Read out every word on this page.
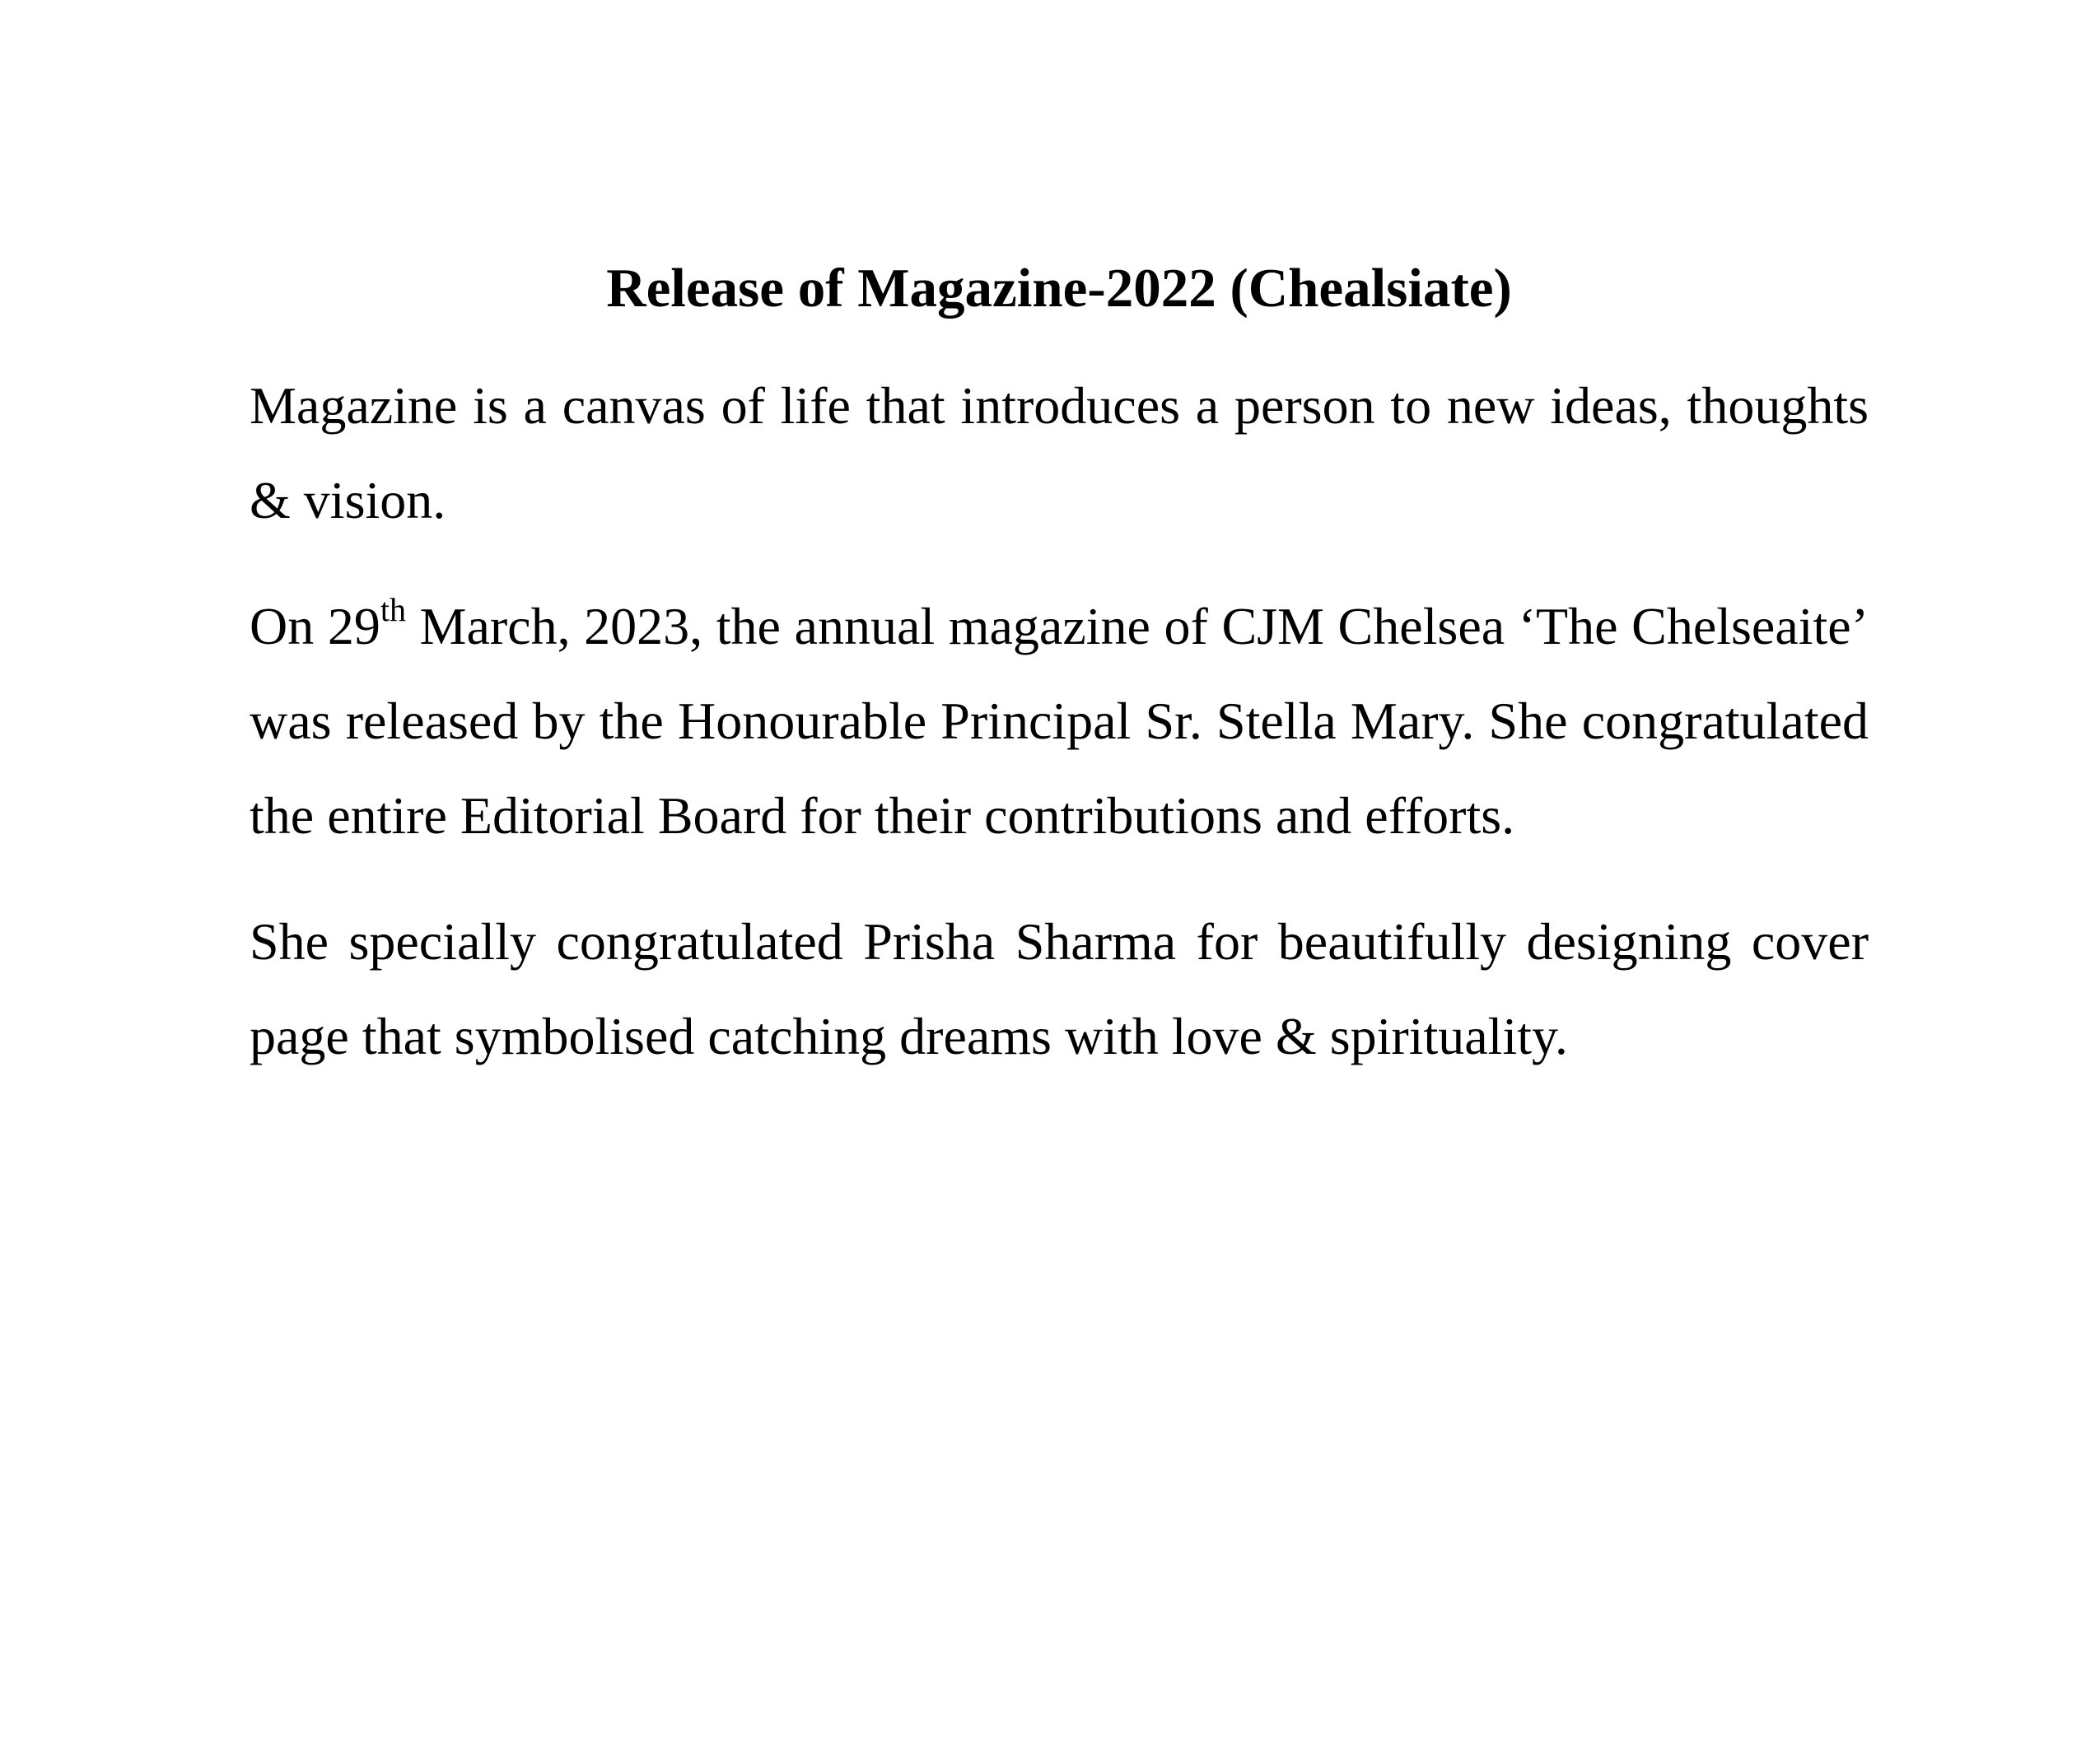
Release of Magazine-2022 (Chealsiate)

Magazine is a canvas of life that introduces a person to new ideas, thoughts & vision.

On 29th March, 2023, the annual magazine of CJM Chelsea ‘The Chelseaite’ was released by the Honourable Principal Sr. Stella Mary. She congratulated the entire Editorial Board for their contributions and efforts.

She specially congratulated Prisha Sharma for beautifully designing cover page that symbolised catching dreams with love & spirituality.
